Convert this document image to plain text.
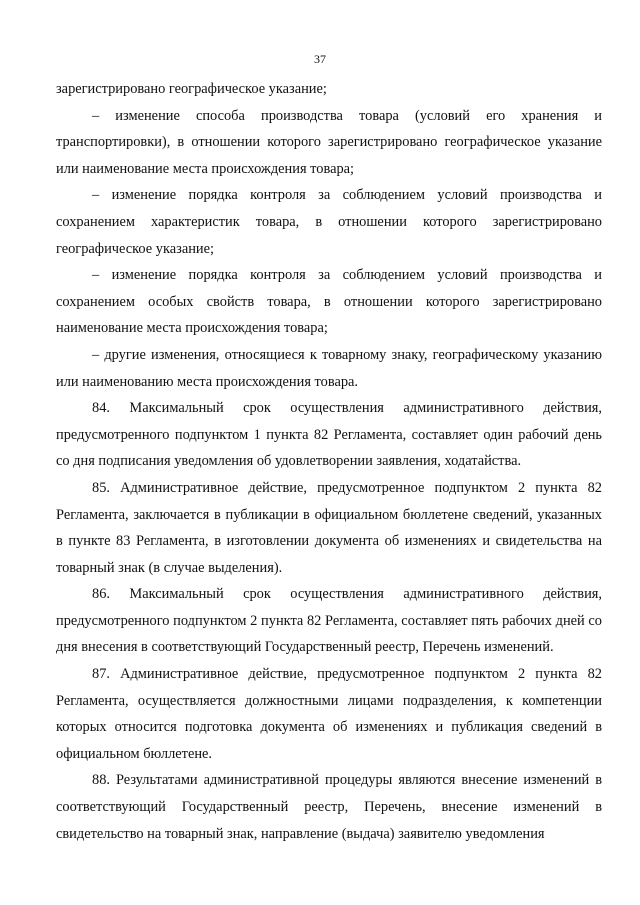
37

зарегистрировано географическое указание;

– изменение способа производства товара (условий его хранения и транспортировки), в отношении которого зарегистрировано географическое указание или наименование места происхождения товара;

– изменение порядка контроля за соблюдением условий производства и сохранением характеристик товара, в отношении которого зарегистрировано географическое указание;

– изменение порядка контроля за соблюдением условий производства и сохранением особых свойств товара, в отношении которого зарегистрировано наименование места происхождения товара;

– другие изменения, относящиеся к товарному знаку, географическому указанию или наименованию места происхождения товара.

84. Максимальный срок осуществления административного действия, предусмотренного подпунктом 1 пункта 82 Регламента, составляет один рабочий день со дня подписания уведомления об удовлетворении заявления, ходатайства.

85. Административное действие, предусмотренное подпунктом 2 пункта 82 Регламента, заключается в публикации в официальном бюллетене сведений, указанных в пункте 83 Регламента, в изготовлении документа об изменениях и свидетельства на товарный знак (в случае выделения).

86. Максимальный срок осуществления административного действия, предусмотренного подпунктом 2 пункта 82 Регламента, составляет пять рабочих дней со дня внесения в соответствующий Государственный реестр, Перечень изменений.

87. Административное действие, предусмотренное подпунктом 2 пункта 82 Регламента, осуществляется должностными лицами подразделения, к компетенции которых относится подготовка документа об изменениях и публикация сведений в официальном бюллетене.

88. Результатами административной процедуры являются внесение изменений в соответствующий Государственный реестр, Перечень, внесение изменений в свидетельство на товарный знак, направление (выдача) заявителю уведомления
